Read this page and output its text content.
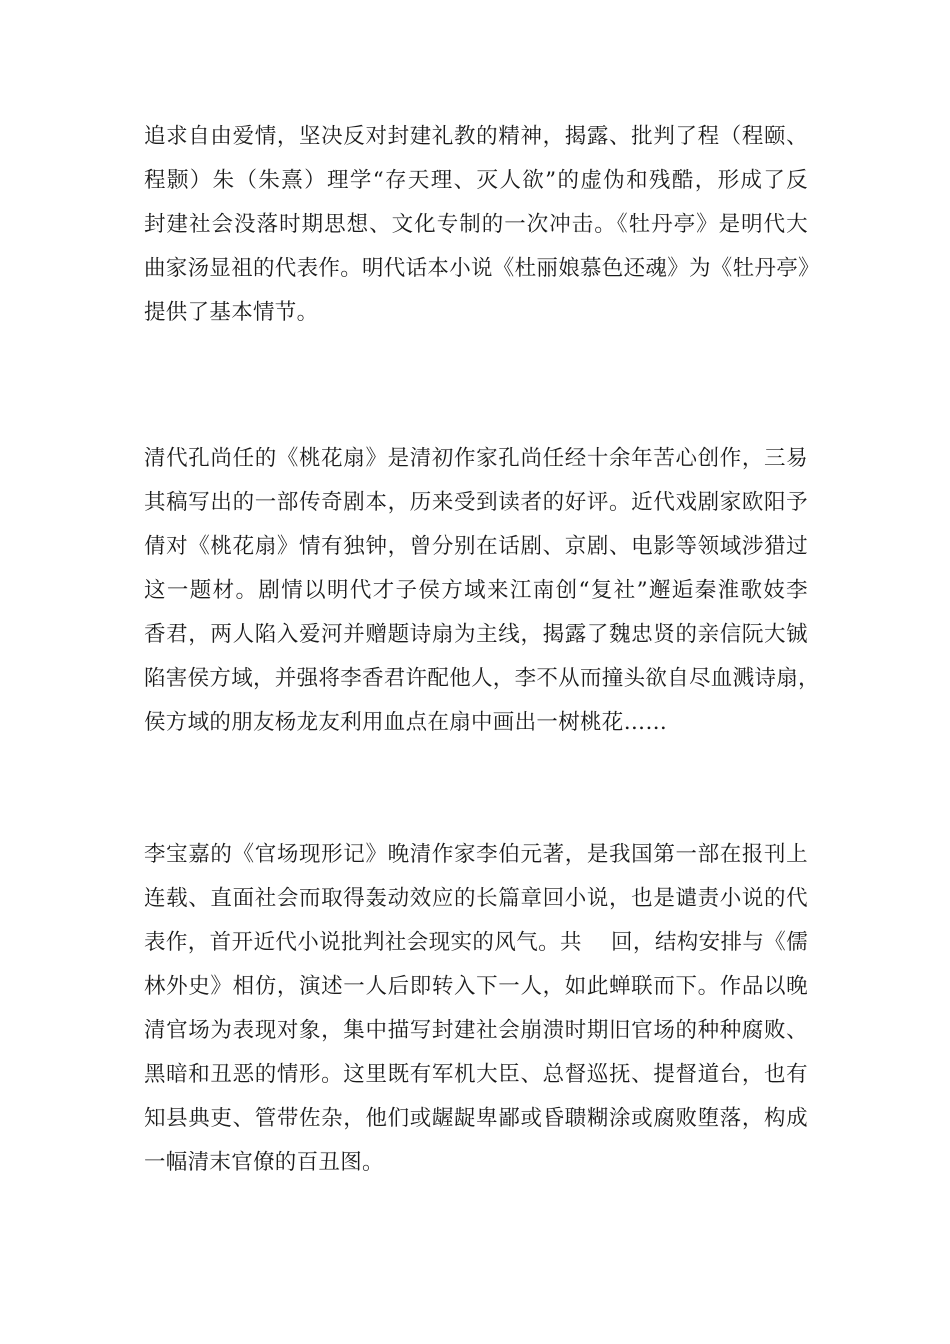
追求自由爱情，坚决反对封建礼教的精神，揭露、批判了程（程颐、
程颢）朱（朱熹）理学“存天理、灭人欲”的虚伪和残酷，形成了反
封建社会没落时期思想、文化专制的一次冲击。《牡丹亭》是明代大
曲家汤显祖的代表作。明代话本小说《杜丽娘慕色还魂》为《牡丹亭》
提供了基本情节。
清代孔尚任的《桃花扇》是清初作家孔尚任经十余年苦心创作，三易
其稿写出的一部传奇剧本，历来受到读者的好评。近代戏剧家欧阳予
倩对《桃花扇》情有独钟，曾分别在话剧、京剧、电影等领域涉猎过
这一题材。剧情以明代才子侯方域来江南创“复社”邂逅秦淮歌妓李
香君，两人陷入爱河并赠题诗扇为主线，揭露了魏忠贤的亲信阮大铖
陷害侯方域，并强将李香君许配他人，李不从而撞头欲自尽血溅诗扇，
侯方域的朋友杨龙友利用血点在扇中画出一树桃花……
李宝嘉的《官场现形记》晚清作家李伯元著，是我国第一部在报刊上
连载、直面社会而取得轰动效应的长篇章回小说，也是谴责小说的代
表作，首开近代小说批判社会现实的风气。共　 回，结构安排与《儒
林外史》相仿，演述一人后即转入下一人，如此蝉联而下。作品以晚
清官场为表现对象，集中描写封建社会崩溃时期旧官场的种种腐败、
黑暗和丑恶的情形。这里既有军机大臣、总督巡抚、提督道台，也有
知县典吏、管带佐杂，他们或龌龊卑鄙或昏聩糊涂或腐败堕落，构成
一幅清末官僚的百丑图。
